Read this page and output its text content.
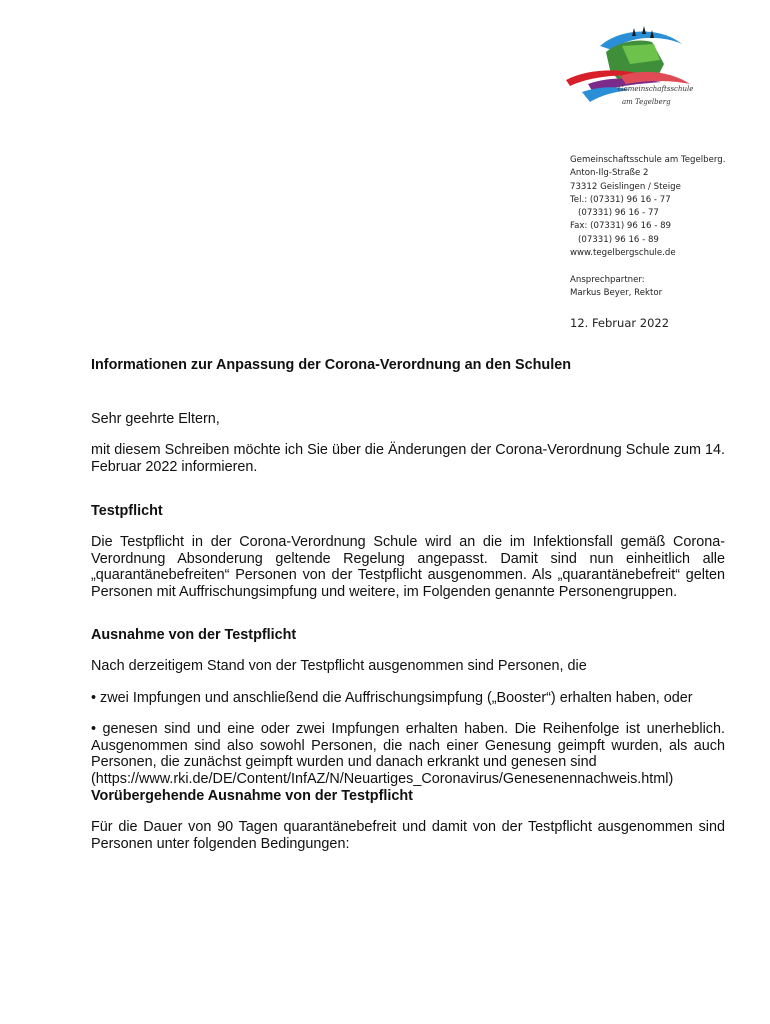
Gemeinschaftsschule
am Tegelberg
Gemeinschaftsschule am Tegelberg.
Anton-Ilg-Straße 2
73312 Geislingen / Steige
Tel.: (07331) 96 16 - 77
(07331) 96 16 - 77
Fax: (07331) 96 16 - 89
(07331) 96 16 - 89
www.tegelbergschule.de
Ansprechpartner:
Markus Beyer, Rektor
12. Februar 2022

Informationen zur Anpassung der Corona-Verordnung an den Schulen

Sehr geehrte Eltern,

mit diesem Schreiben möchte ich Sie über die Änderungen der Corona-Verordnung Schule zum 14. Februar 2022 informieren.

Testpflicht

Die Testpflicht in der Corona-Verordnung Schule wird an die im Infektionsfall gemäß Corona-Verordnung Absonderung geltende Regelung angepasst. Damit sind nun einheitlich alle „quarantänebefreiten“ Personen von der Testpflicht ausgenommen. Als „quarantänebefreit“ gelten Personen mit Auffrischungsimpfung und weitere, im Folgenden genannte Personengruppen.

Ausnahme von der Testpflicht

Nach derzeitigem Stand von der Testpflicht ausgenommen sind Personen, die

• zwei Impfungen und anschließend die Auffrischungsimpfung („Booster“) erhalten haben, oder

• genesen sind und eine oder zwei Impfungen erhalten haben. Die Reihenfolge ist unerheblich. Ausgenommen sind also sowohl Personen, die nach einer Genesung geimpft wurden, als auch Personen, die zunächst geimpft wurden und danach erkrankt und genesen sind

(https://www.rki.de/DE/Content/InfAZ/N/Neuartiges_Coronavirus/Genesenennachweis.html)

Vorübergehende Ausnahme von der Testpflicht

Für die Dauer von 90 Tagen quarantänebefreit und damit von der Testpflicht ausgenommen sind Personen unter folgenden Bedingungen:
